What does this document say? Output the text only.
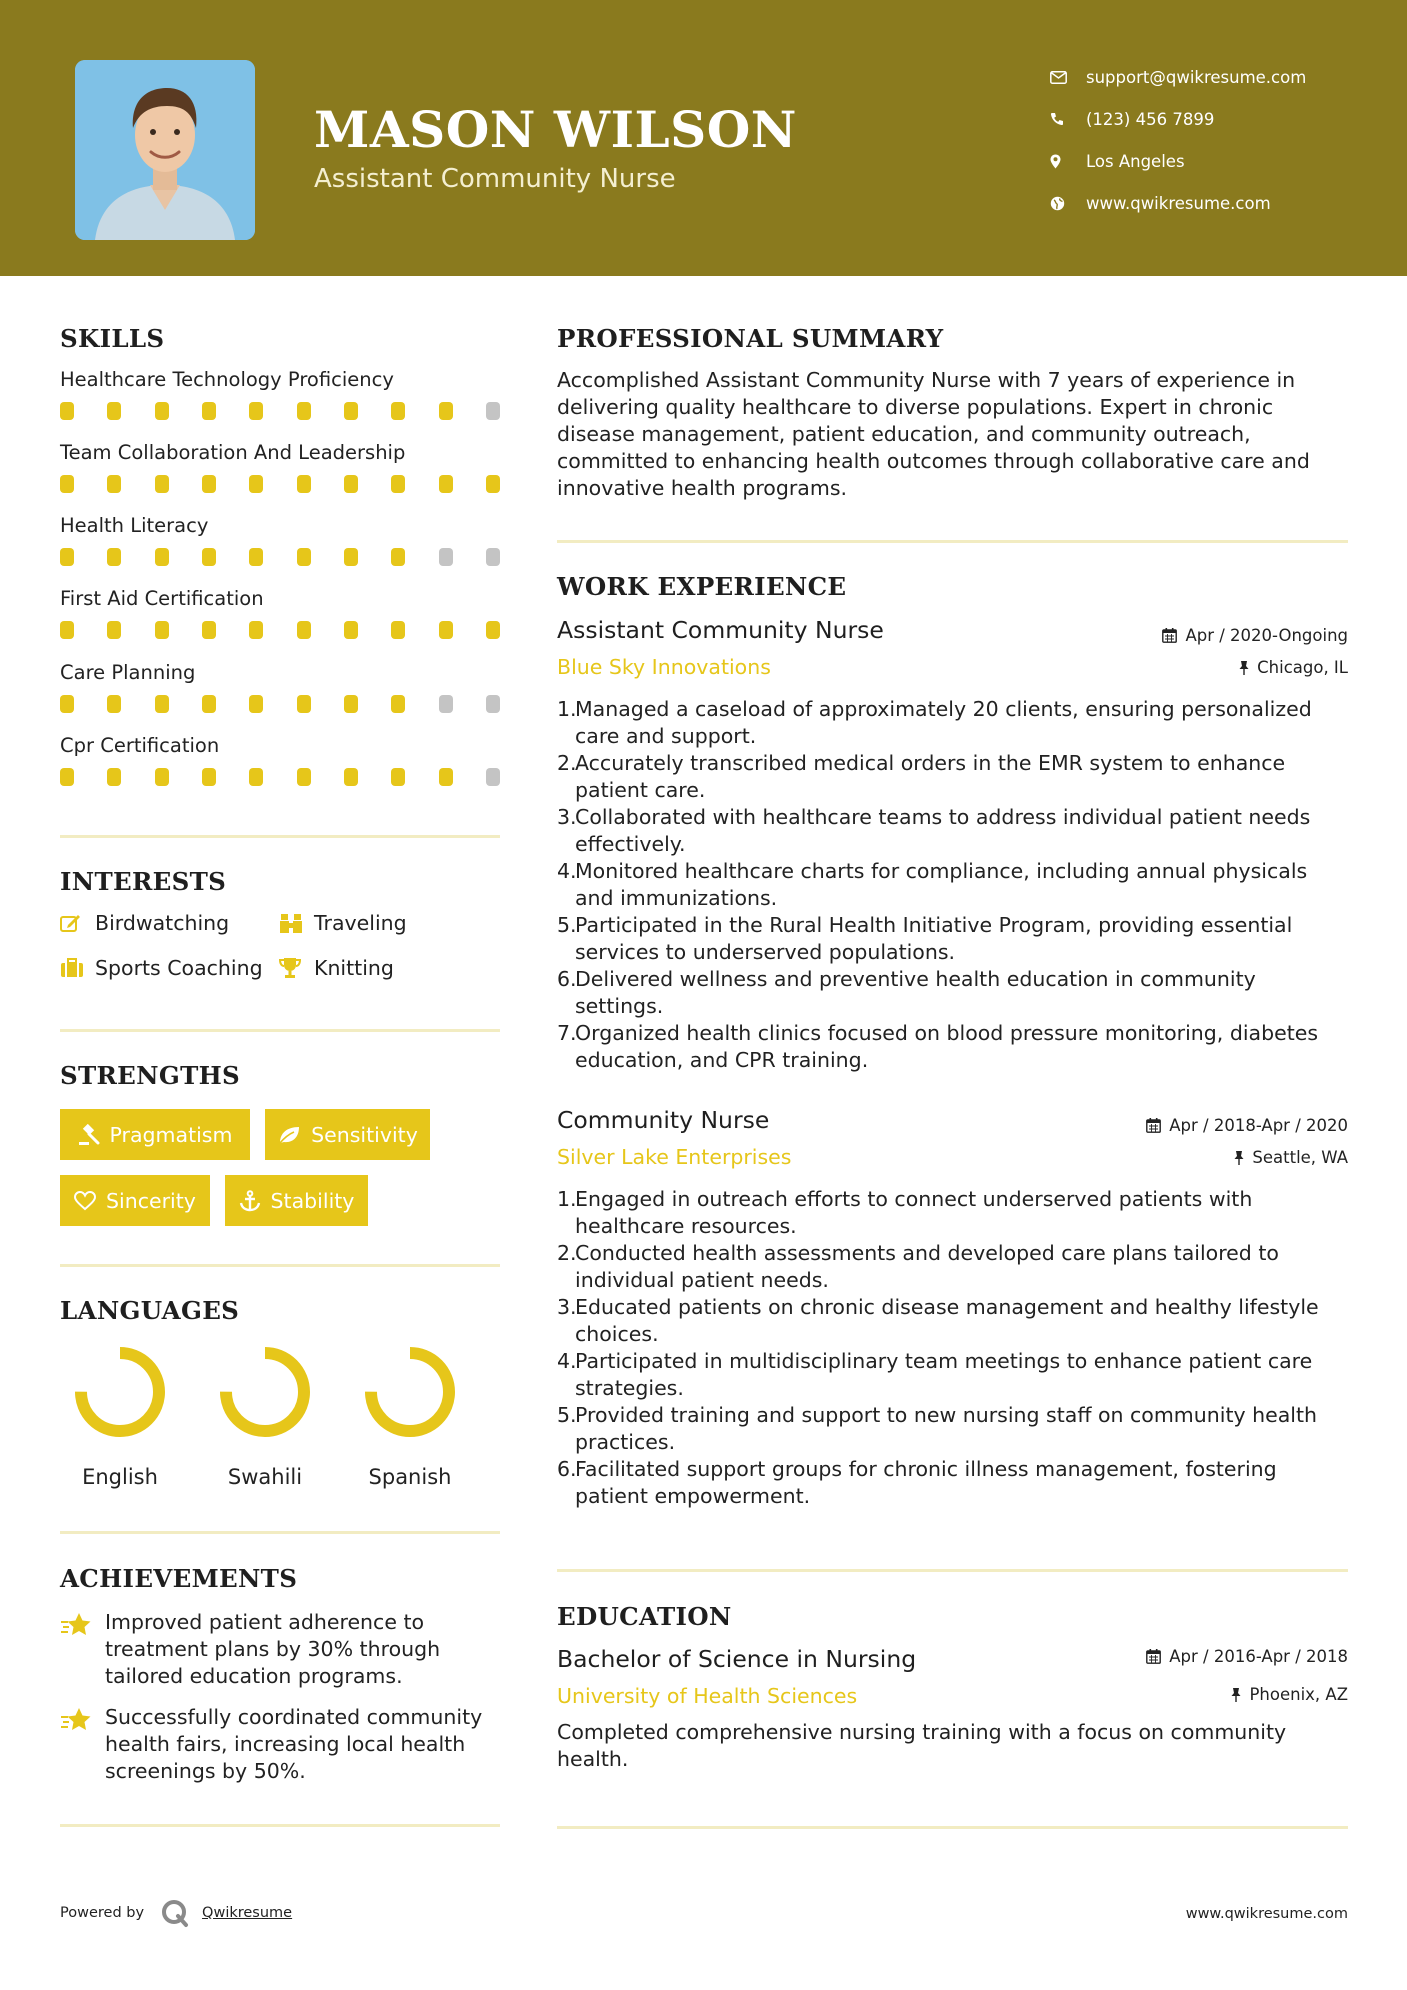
MASON WILSON
Assistant Community Nurse
support@qwikresume.com
(123) 456 7899
Los Angeles
www.qwikresume.com
SKILLS
Healthcare Technology Proficiency
Team Collaboration And Leadership
Health Literacy
First Aid Certification
Care Planning
Cpr Certification
INTERESTS
Birdwatching	Traveling
Sports Coaching	Knitting
STRENGTHS
Pragmatism	Sensitivity
Sincerity	Stability
LANGUAGES
English	Swahili	Spanish
ACHIEVEMENTS
Improved patient adherence to treatment plans by 30% through tailored education programs.
Successfully coordinated community health fairs, increasing local health screenings by 50%.
PROFESSIONAL SUMMARY
Accomplished Assistant Community Nurse with 7 years of experience in delivering quality healthcare to diverse populations. Expert in chronic disease management, patient education, and community outreach, committed to enhancing health outcomes through collaborative care and innovative health programs.
WORK EXPERIENCE
Assistant Community Nurse	Apr / 2020-Ongoing
Blue Sky Innovations	Chicago, IL
1.
Managed a caseload of approximately 20 clients, ensuring personalized care and support.
2.
Accurately transcribed medical orders in the EMR system to enhance patient care.
3.
Collaborated with healthcare teams to address individual patient needs effectively.
4.
Monitored healthcare charts for compliance, including annual physicals and immunizations.
5.
Participated in the Rural Health Initiative Program, providing essential services to underserved populations.
6.
Delivered wellness and preventive health education in community settings.
7.
Organized health clinics focused on blood pressure monitoring, diabetes education, and CPR training.
Community Nurse	Apr / 2018-Apr / 2020
Silver Lake Enterprises	Seattle, WA
1.
Engaged in outreach efforts to connect underserved patients with healthcare resources.
2.
Conducted health assessments and developed care plans tailored to individual patient needs.
3.
Educated patients on chronic disease management and healthy lifestyle choices.
4.
Participated in multidisciplinary team meetings to enhance patient care strategies.
5.
Provided training and support to new nursing staff on community health practices.
6.
Facilitated support groups for chronic illness management, fostering patient empowerment.
EDUCATION
Bachelor of Science in Nursing	Apr / 2016-Apr / 2018
University of Health Sciences	Phoenix, AZ
Completed comprehensive nursing training with a focus on community health.
Powered by	Qwikresume	www.qwikresume.com
